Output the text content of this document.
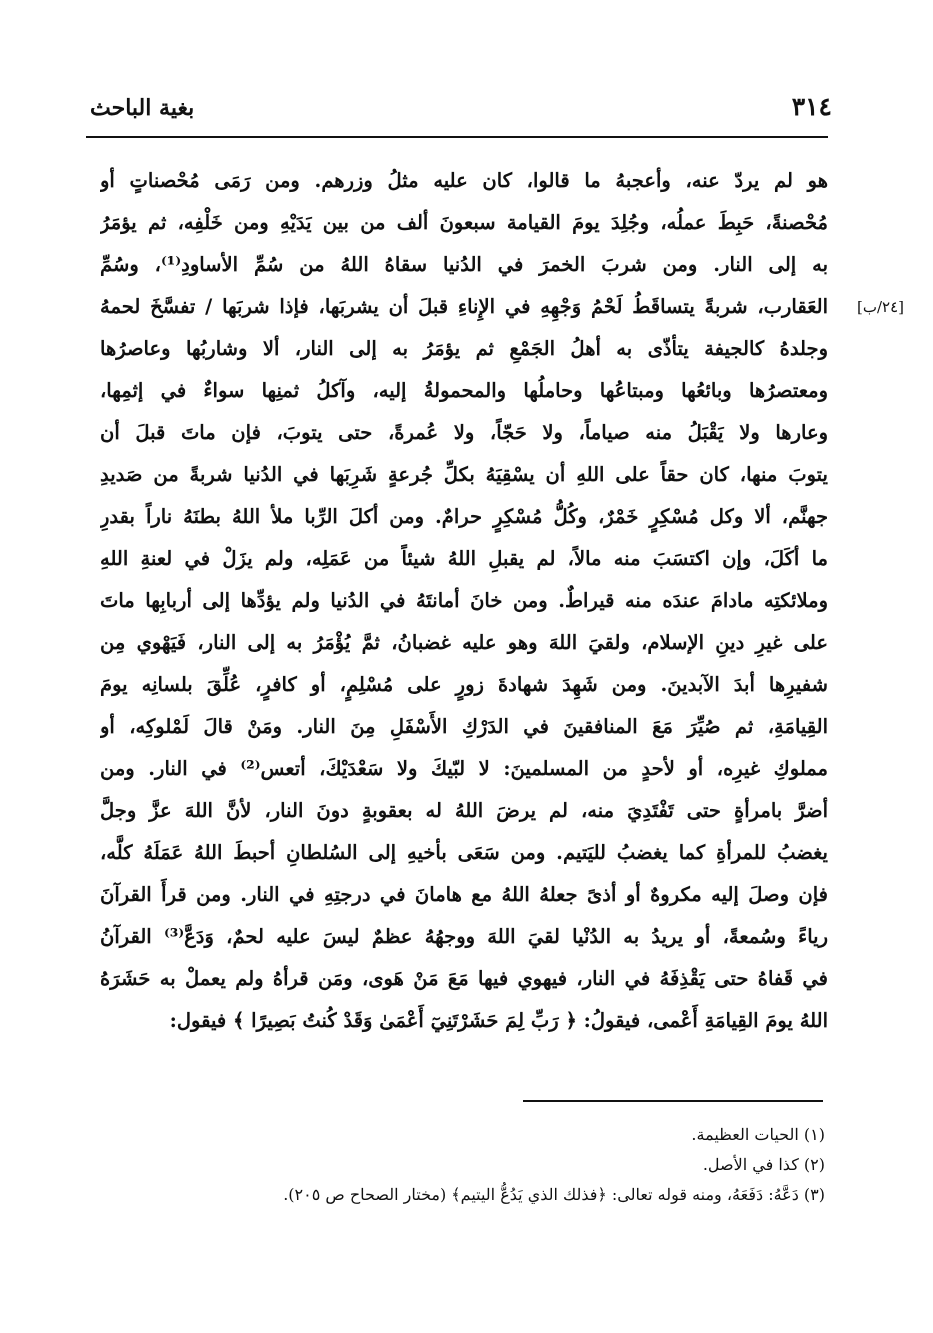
٣١٤
بغية الباحث
[٢٤/ب]
هو لم يردّ عنه، وأعجبهُ ما قالوا، كان عليه مثلُ وزرهم. ومن رَمَى مُحْصناتٍ أو
مُحْصنةً، حَبِطَ عملُه، وجُلِدَ يومَ القيامة سبعونَ ألف من بين يَدَيْهِ ومن خَلْفِه، ثم يؤمَرُ
به إلى النار. ومن شربَ الخمرَ في الدُنيا سقاهُ اللهُ من سُمِّ الأساودِ⁽¹⁾، وسُمِّ
العَقارب، شربةً يتساقَطُ لَحْمُ وَجْهِهِ في الإِناءِ قبلَ أن يشربَها، فإذا شربَها / تفسَّخَ لحمهُ
وجلدهُ كالجيفة يتأذّى به أهلُ الجَمْعِ ثم يؤمَرُ به إلى النار، ألا وشاربُها وعاصرُها
ومعتصرُها وبائعُها ومبتاعُها وحاملُها والمحمولةُ إليه، وآكلُ ثمنِها سواءٌ في إثمِها،
وعارها ولا يَقْبَلُ منه صياماً، ولا حَجّاً، ولا عُمرةً، حتى يتوبَ، فإن ماتَ قبلَ أن
يتوبَ منها، كان حقاً على اللهِ أن يسْقِيَهُ بكلِّ جُرعةٍ شَرِبَها في الدُنيا شربةً من صَديدِ
جهنَّم، ألا وكل مُسْكِرٍ خَمْرٌ، وكُلُّ مُسْكِرٍ حرامٌ. ومن أكلَ الرِّبا ملأ اللهُ بطنَهُ ناراً بقدرِ
ما أكَلَ، وإن اكتسَبَ منه مالاً، لم يقبلِ اللهُ شيئاً من عَمَلِه، ولم يزَلْ في لعنةِ اللهِ
وملائكتِه مادامَ عندَه منه قيراطٌ. ومن خانَ أمانتَهُ في الدُنيا ولم يؤدِّها إلى أربابِها ماتَ
على غيرِ دينِ الإسلام، ولقيَ اللهَ وهو عليه غضبانُ، ثمَّ يُؤْمَرُ به إلى النار، فَيَهْوي مِن
شفيرِها أبدَ الآبدينَ. ومن شَهِدَ شهادةَ زورٍ على مُسْلِمٍ، أو كافرٍ، عُلِّقَ بلسانِه يومَ
القِيامَةِ، ثم صُيِّرَ مَعَ المنافقينَ في الدَرْكِ الأَسْفَلِ مِنَ النار. ومَنْ قالَ لَمْلوكِه، أو
مملوكِ غيرِه، أو لأحدٍ من المسلمينَ: لا لبّيكَ ولا سَعْدَيْكَ، أتعس⁽²⁾ في النار. ومن
أضرَّ بامرأةٍ حتى تَفْتَدِيَ منه، لم يرضَ اللهُ له بعقوبةٍ دونَ النار، لأنَّ اللهَ عزَّ وجلَّ
يغضبُ للمرأةِ كما يغضبُ لليَتيم. ومن سَعَى بأخيهِ إلى السُلطانِ أحبطَ اللهُ عَمَلَهُ كلَّه،
فإن وصلَ إليه مكروهٌ أو أذىً جعلهُ اللهُ مع هامانَ في درجتِهِ في النار. ومن قرأَ القرآنَ
رياءً وسُمعةً، أو يريدُ به الدُنْيا لقيَ اللهَ ووجهُهُ عظمٌ ليسَ عليه لحمٌ، وَدَعَّ⁽³⁾ القرآنُ
في قَفاهُ حتى يَقْذِفَهُ في النار، فيهوي فيها مَعَ مَنْ هَوى، ومَن قرأهُ ولم يعملْ به حَشَرَهُ
اللهُ يومَ القِيامَةِ أَعْمى، فيقولُ: ﴿ رَبِّ لِمَ حَشَرْتَنِيٓ أَعْمَىٰ وَقَدْ كُنتُ بَصِيرًا ﴾ فيقول:
(١) الحيات العظيمة.
(٢) كذا في الأصل.
(٣) دَعَّهُ: دَفَعَهُ، ومنه قوله تعالى: ﴿فذلك الذي يَدُعُّ اليتيم﴾ (مختار الصحاح ص ٢٠٥).
